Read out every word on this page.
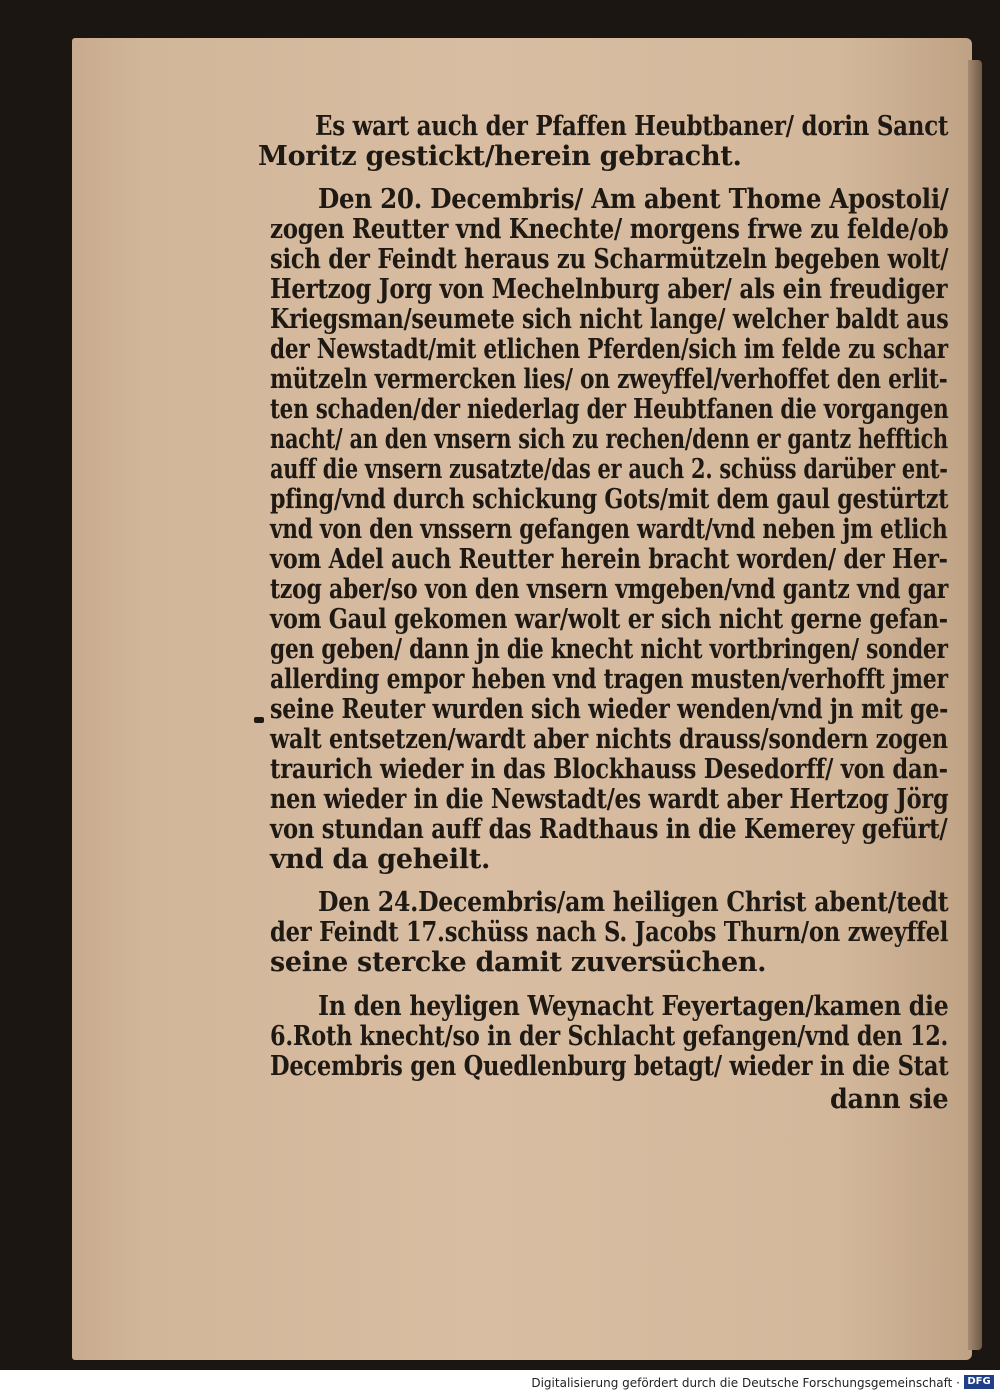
Es wart auch der Pfaffen Heubtbaner/ dorin Sanct
Moritz gestickt/herein gebracht.
Den 20. Decembris/ Am abent Thome Apostoli/
zogen Reutter vnd Knechte/ morgens frwe zu felde/ob
sich der Feindt heraus zu Scharmützeln begeben wolt/
Hertzog Jorg von Mechelnburg aber/ als ein freudiger
Kriegsman/seumete sich nicht lange/ welcher baldt aus
der Newstadt/mit etlichen Pferden/sich im felde zu schar
mützeln vermercken lies/ on zweyffel/verhoffet den erlit-
ten schaden/der niederlag der Heubtfanen die vorgangen
nacht/ an den vnsern sich zu rechen/denn er gantz hefftich
auff die vnsern zusatzte/das er auch 2. schüss darüber ent-
pfing/vnd durch schickung Gots/mit dem gaul gestürtzt
vnd von den vnssern gefangen wardt/vnd neben jm etlich
vom Adel auch Reutter herein bracht worden/ der Her-
tzog aber/so von den vnsern vmgeben/vnd gantz vnd gar
vom Gaul gekomen war/wolt er sich nicht gerne gefan-
gen geben/ dann jn die knecht nicht vortbringen/ sonder
allerding empor heben vnd tragen musten/verhofft jmer
seine Reuter wurden sich wieder wenden/vnd jn mit ge-
walt entsetzen/wardt aber nichts drauss/sondern zogen
traurich wieder in das Blockhauss Desedorff/ von dan-
nen wieder in die Newstadt/es wardt aber Hertzog Jörg
von stundan auff das Radthaus in die Kemerey gefürt/
vnd da geheilt.
Den 24.Decembris/am heiligen Christ abent/tedt
der Feindt 17.schüss nach S. Jacobs Thurn/on zweyffel
seine stercke damit zuversüchen.
In den heyligen Weynacht Feyertagen/kamen die
6.Roth knecht/so in der Schlacht gefangen/vnd den 12.
Decembris gen Quedlenburg betagt/ wieder in die Stat
dann sie
Digitalisierung gefördert durch die Deutsche Forschungsgemeinschaft · DFG
